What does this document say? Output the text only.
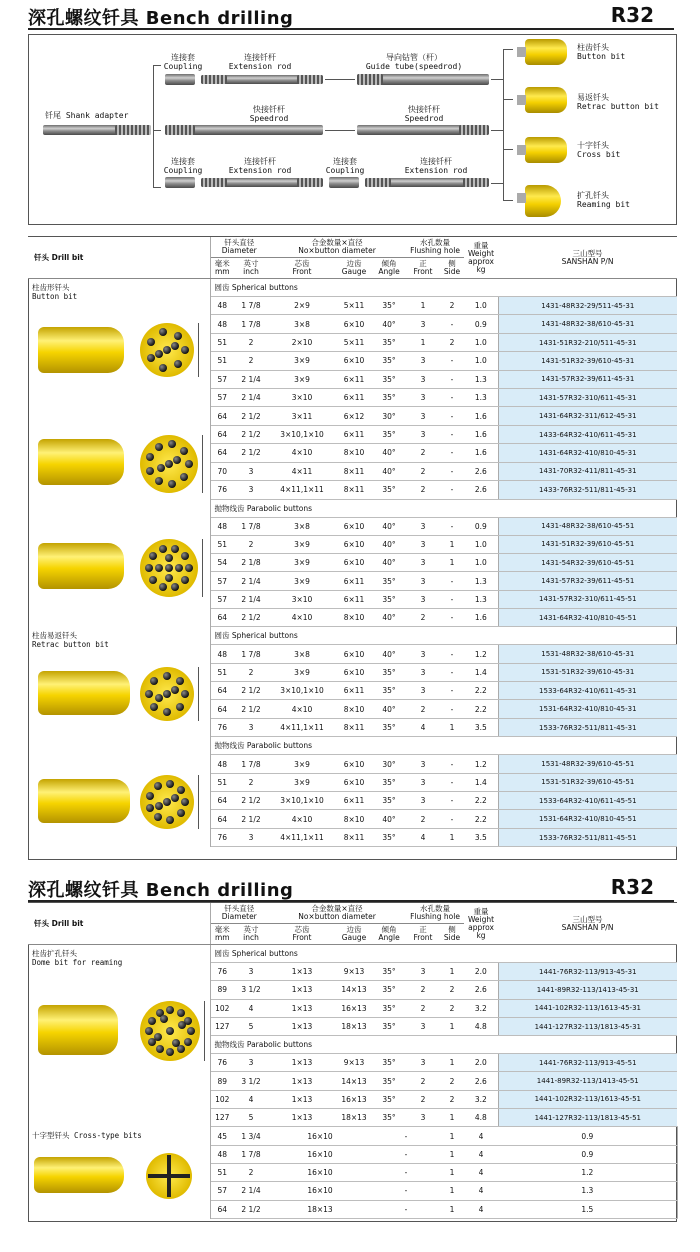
深孔螺纹钎具 Bench drilling	R32
钎尾 Shank adapter
连接套
Coupling
连接钎杆
Extension rod
导向钻管（杆）
Guide tube(speedrod)
快接钎杆
Speedrod
快接钎杆
Speedrod
连接套
Coupling
连接钎杆
Extension rod
连接套
Coupling
连接钎杆
Extension rod
柱齿钎头
Button bit
易返钎头
Retrac button bit
十字钎头
Cross bit
扩孔钎头
Reaming bit
钎头 Drill bit	钎头直径
Diameter		合金数量×直径
No×button diameter			水孔数量
Flushing hole		重量
Weight
approx
kg	三山型号
SANSHAN P/N
	毫米
mm	英寸
inch	芯齿
Front	边齿
Gauge	倾角
Angle	正
Front	侧
Side		

柱齿形钎头
Button bit	圆齿 Spherical buttons								
	48	1 7/8	2×9	5×11	35°	1	2	1.0	1431-48R32-29/511-45-31
	48	1 7/8	3×8	6×10	40°	3	-	0.9	1431-48R32-38/610-45-31
	51	2	2×10	5×11	35°	1	2	1.0	1431-51R32-210/511-45-31
	51	2	3×9	6×10	35°	3	-	1.0	1431-51R32-39/610-45-31
	57	2 1/4	3×9	6×11	35°	3	-	1.3	1431-57R32-39/611-45-31
	57	2 1/4	3×10	6×11	35°	3	-	1.3	1431-57R32-310/611-45-31
	64	2 1/2	3×11	6×12	30°	3	-	1.6	1431-64R32-311/612-45-31
	64	2 1/2	3×10,1×10	6×11	35°	3	-	1.6	1433-64R32-410/611-45-31
	64	2 1/2	4×10	8×10	40°	2	-	1.6	1431-64R32-410/810-45-31
	70	3	4×11	8×11	40°	2	-	2.6	1431-70R32-411/811-45-31
	76	3	4×11,1×11	8×11	35°	2	-	2.6	1433-76R32-511/811-45-31

	抛物线齿 Parabolic buttons								
	48	1 7/8	3×8	6×10	40°	3	-	0.9	1431-48R32-38/610-45-51
	51	2	3×9	6×10	40°	3	1	1.0	1431-51R32-39/610-45-51
	54	2 1/8	3×9	6×10	40°	3	1	1.0	1431-54R32-39/610-45-51
	57	2 1/4	3×9	6×11	35°	3	-	1.3	1431-57R32-39/611-45-51
	57	2 1/4	3×10	6×11	35°	3	-	1.3	1431-57R32-310/611-45-51
	64	2 1/2	4×10	8×10	40°	2	-	1.6	1431-64R32-410/810-45-51

柱齿易返钎头
Retrac button bit	圆齿 Spherical buttons								
	48	1 7/8	3×8	6×10	40°	3	-	1.2	1531-48R32-38/610-45-31
	51	2	3×9	6×10	35°	3	-	1.4	1531-51R32-39/610-45-31
	64	2 1/2	3×10,1×10	6×11	35°	3	-	2.2	1533-64R32-410/611-45-31
	64	2 1/2	4×10	8×10	40°	2	-	2.2	1531-64R32-410/810-45-31
	76	3	4×11,1×11	8×11	35°	4	1	3.5	1533-76R32-511/811-45-31
	抛物线齿 Parabolic buttons								
	48	1 7/8	3×9	6×10	30°	3	-	1.2	1531-48R32-39/610-45-51
	51	2	3×9	6×10	35°	3	-	1.4	1531-51R32-39/610-45-51
	64	2 1/2	3×10,1×10	6×11	35°	3	-	2.2	1533-64R32-410/611-45-51
	64	2 1/2	4×10	8×10	40°	2	-	2.2	1531-64R32-410/810-45-51
	76	3	4×11,1×11	8×11	35°	4	1	3.5	1533-76R32-511/811-45-51
深孔螺纹钎具 Bench drilling	R32
钎头 Drill bit	钎头直径
Diameter		合金数量×直径
No×button diameter			水孔数量
Flushing hole		重量
Weight
approx
kg	三山型号
SANSHAN P/N	
	毫米
mm	英寸
inch	芯齿
Front	边齿
Gauge	倾角
Angle	正
Front	侧
Side			

柱齿扩孔钎头
Dome bit for reaming	圆齿 Spherical buttons									
	76	3	1×13	9×13	35°	3	1	2.0	1441-76R32-113/913-45-31	
	89	3 1/2	1×13	14×13	35°	2	2	2.6	1441-89R32-113/1413-45-31	
	102	4	1×13	16×13	35°	2	2	3.2	1441-102R32-113/1613-45-31	
	127	5	1×13	18×13	35°	3	1	4.8	1441-127R32-113/1813-45-31	
	抛物线齿 Parabolic buttons									
	76	3	1×13	9×13	35°	3	1	2.0	1441-76R32-113/913-45-51	
	89	3 1/2	1×13	14×13	35°	2	2	2.6	1441-89R32-113/1413-45-51	
	102	4	1×13	16×13	35°	2	2	3.2	1441-102R32-113/1613-45-51	
	127	5	1×13	18×13	35°	3	1	4.8	1441-127R32-113/1813-45-51	

十字型钎头 Cross-type bits	45	1 3/4	16×10		-		1	4	0.9	
	48	1 7/8	16×10		-		1	4	0.9	
	51	2	16×10		-		1	4	1.2	
	57	2 1/4	16×10		-		1	4	1.3	
	64	2 1/2	18×13		-		1	4	1.5	
